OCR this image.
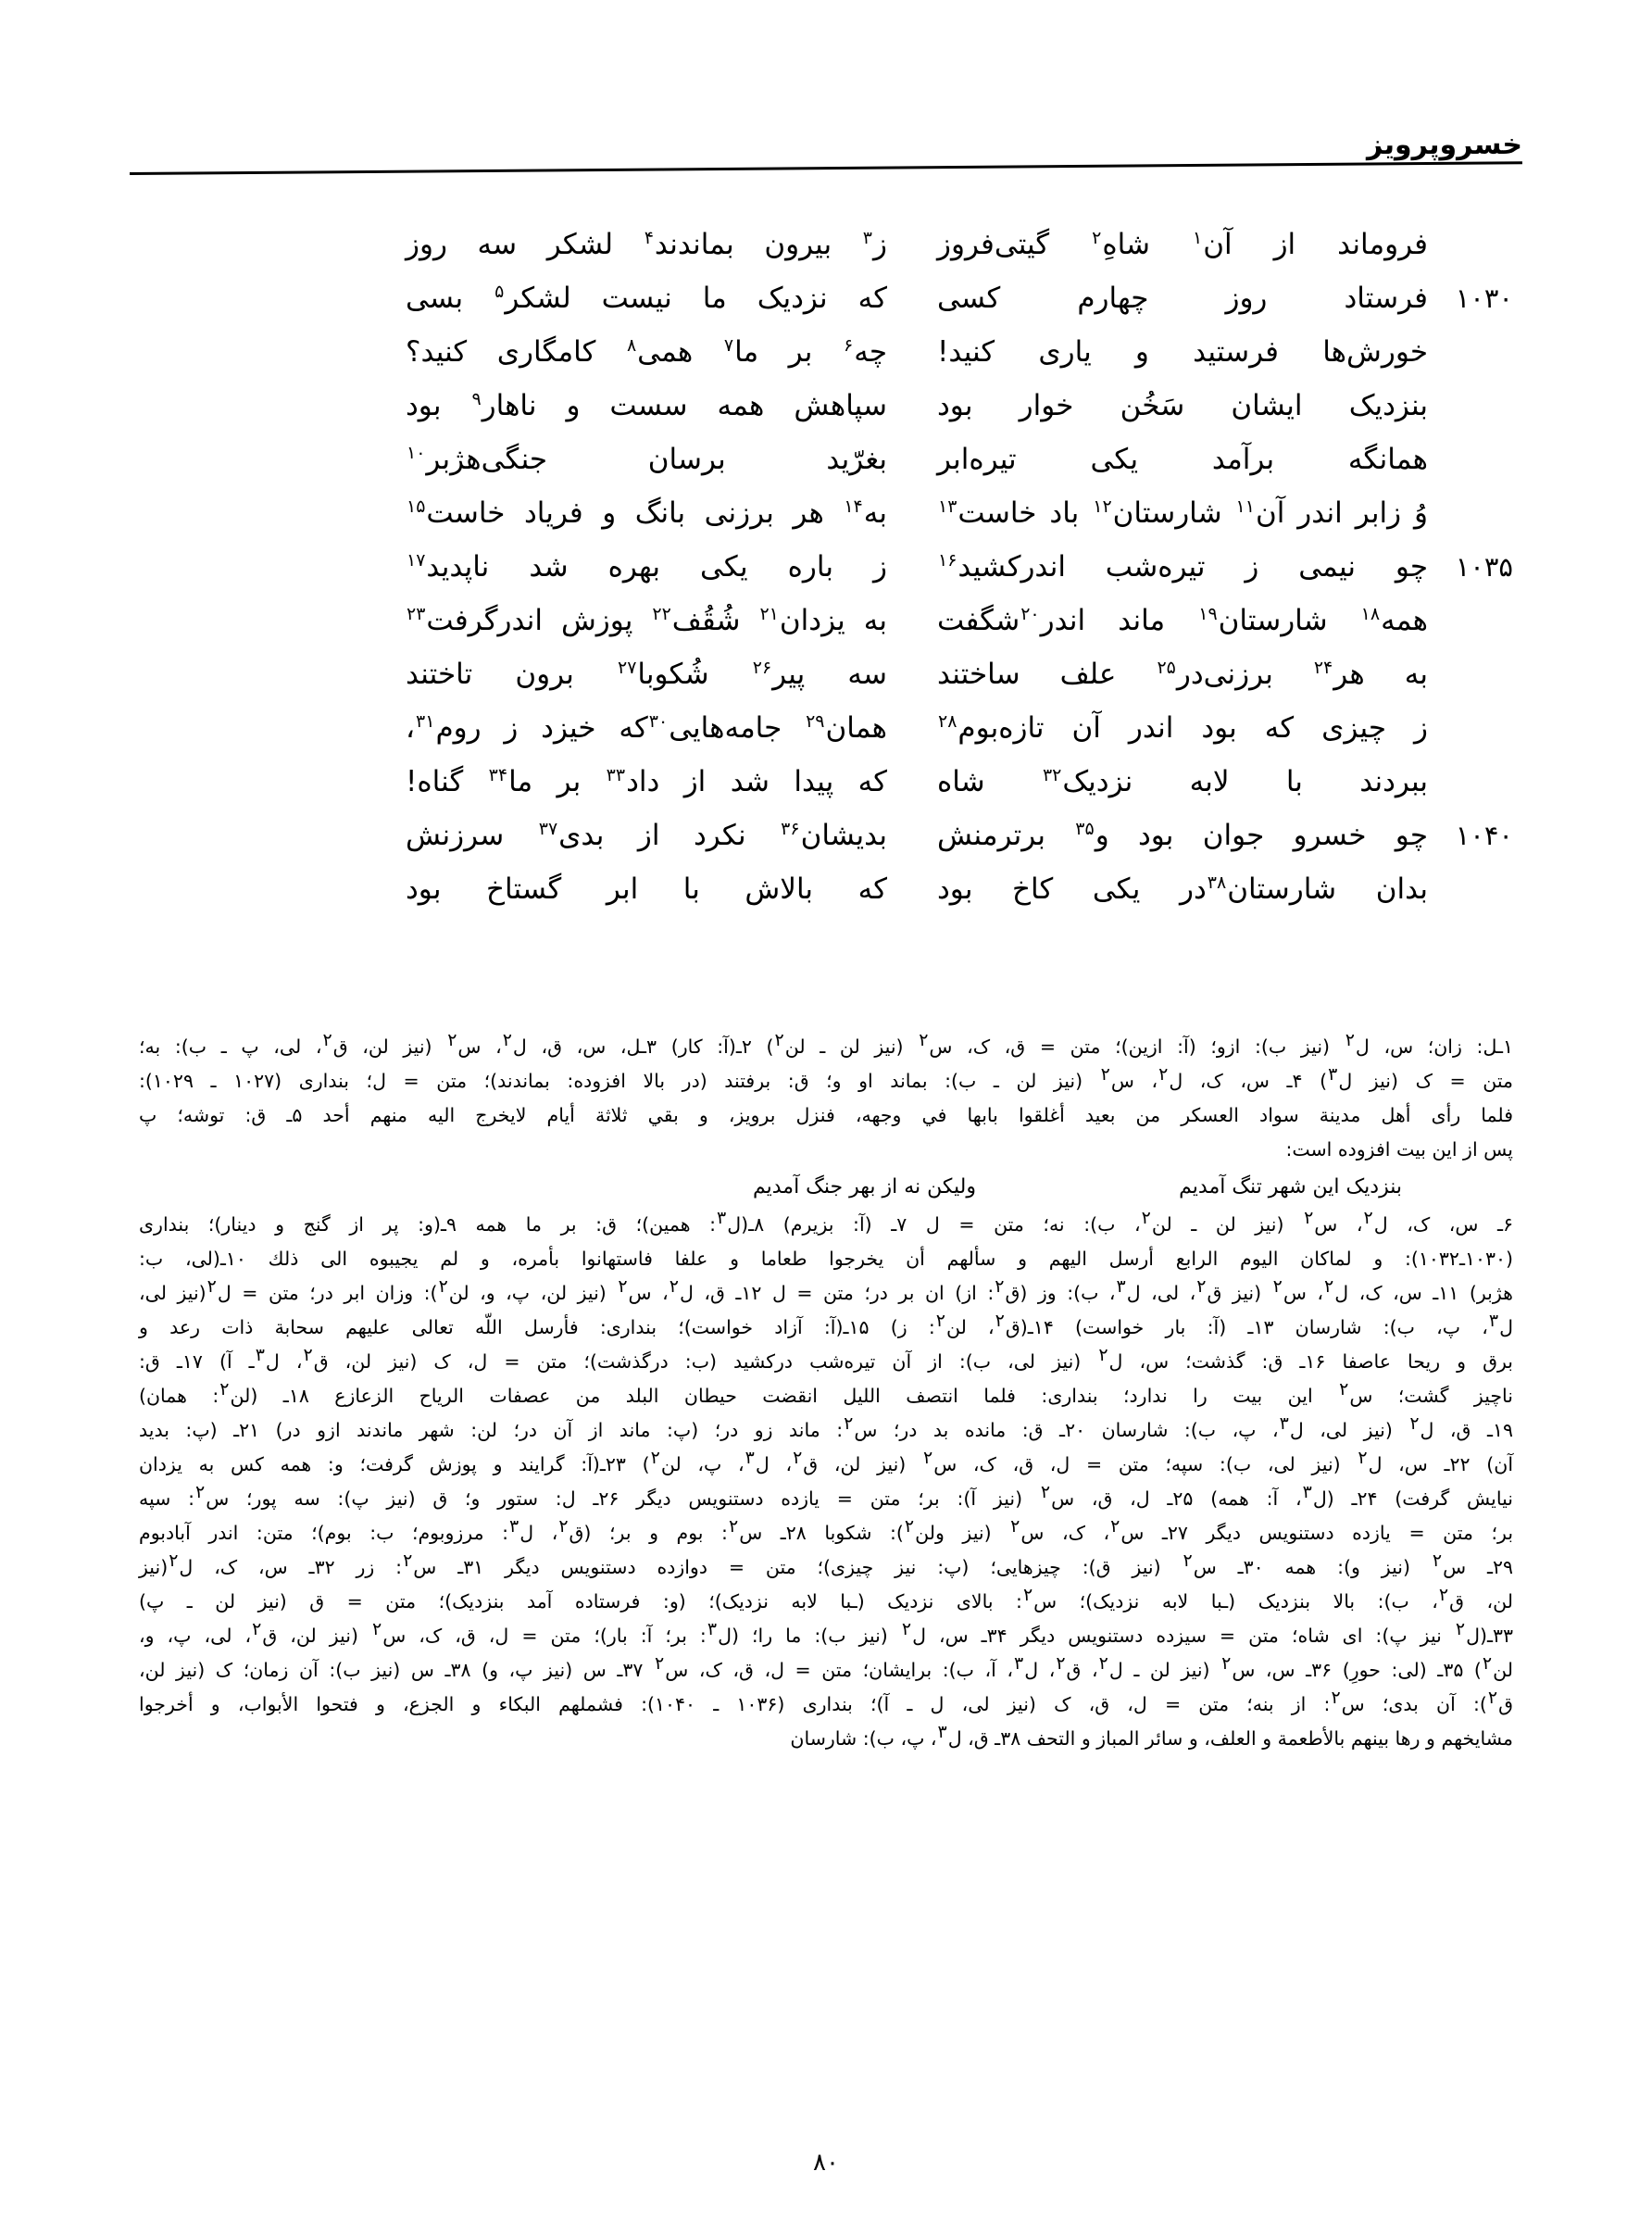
خسروپرویز
فروماند از آن$^۱$ شاهِ$^۲$ گیتی‌فروز
ز$^۳$ بیرون بماندند$^۴$ لشکر سه روز
۱۰۳۰
فرستاد روز چهارم کسی
که نزدیک ما نیست لشکر$^۵$ بسی
خورش‌ها فرستید و یاری کنید!
چه$^۶$ بر ما$^۷$ همی$^۸$ کامگاری کنید؟
بنزدیک ایشان سَخُن خوار بود
سپاهش همه سست و ناهار$^۹$ بود
همانگه برآمد یکی تیره‌ابر
بغرّید برسان جنگی‌هژبر$^{۱۰}$
وُ زابر اندر آن$^{۱۱}$ شارستان$^{۱۲}$ باد خاست$^{۱۳}$
به$^{۱۴}$ هر برزنی بانگ و فریاد خاست$^{۱۵}$
۱۰۳۵
چو نیمی ز تیره‌شب اندرکشید$^{۱۶}$
ز باره یکی بهره شد ناپدید$^{۱۷}$
همه$^{۱۸}$ شارستان$^{۱۹}$ ماند اندر$^{۲۰}$شگفت
به یزدان$^{۲۱}$ شُقُف$^{۲۲}$ پوزش اندرگرفت$^{۲۳}$
به هر$^{۲۴}$ برزنی‌در$^{۲۵}$ علف ساختند
سه پیر$^{۲۶}$ شُکوبا$^{۲۷}$ برون تاختند
ز چیزی که بود اندر آن تازه‌بوم$^{۲۸}$
همان$^{۲۹}$ جامه‌هایی$^{۳۰}$که خیزد ز روم$^{۳۱}$،
ببردند با لابه نزدیک$^{۳۲}$ شاه
که پیدا شد از داد$^{۳۳}$ بر ما$^{۳۴}$ گناه!
۱۰۴۰
چو خسرو جوان بود و$^{۳۵}$ برترمنش
بدیشان$^{۳۶}$ نکرد از بدی$^{۳۷}$ سرزنش
بدان شارستان$^{۳۸}$در یکی کاخ بود
که بالاش با ابر گستاخ بود
۱ـل: زان؛ س، ل$^۲$ (نیز ب): ازو؛ (آ: ازین)؛ متن = ق، ک، س$^۲$ (نیز لن ـ لن$^۲$) ۲ـ(آ: کار) ۳ـل، س، ق، ل$^۲$، س$^۲$ (نیز لن، ق$^۲$، لی، پ ـ ب): به؛
متن = ک (نیز ل$^۳$) ۴ـ س، ک، ل$^۲$، س$^۲$ (نیز لن ـ ب): بماند او و؛ ق: برفتند (در بالا افزوده: بماندند)؛ متن = ل؛ بنداری (۱۰۲۷ ـ ۱۰۲۹):
فلما رأى أهل مدينة سواد العسكر من بعيد أغلقوا بابها في وجهه، فنزل برويز، و بقي ثلاثة أيام لايخرج اليه منهم أحد ۵ـ ق: توشه؛ پ
پس از این بیت افزوده است:
بنزدیک این شهر تنگ آمدیم
ولیکن نه از بهر جنگ آمدیم
۶ـ س، ک، ل$^۲$، س$^۲$ (نیز لن ـ لن$^۲$، ب): نه؛ متن = ل ۷ـ (آ: بزیرم) ۸ـ(ل$^۳$: همین)؛ ق: بر ما همه ۹ـ(و: پر از گنج و دینار)؛ بنداری
(۱۰۳۰ـ۱۰۳۲): و لماكان اليوم الرابع أرسل اليهم و سألهم أن يخرجوا طعاما و علفا فاستهانوا بأمره، و لم يجيبوه الى ذلك ۱۰ـ(لی، ب:
هژبر) ۱۱ـ س، ک، ل$^۲$، س$^۲$ (نیز ق$^۲$، لی، ل$^۳$، ب): وز (ق$^۲$: از) ان بر در؛ متن = ل ۱۲ـ ق، ل$^۲$، س$^۲$ (نیز لن، پ، و، لن$^۲$): وزان ابر در؛ متن = ل$^۲$(نیز لی،
ل$^۳$، پ، ب): شارسان ۱۳ـ (آ: بار خواست) ۱۴ـ(ق$^۲$، لن$^۲$: ز) ۱۵ـ(آ: آزاد خواست)؛ بنداری: فأرسل اللّه تعالى عليهم سحابة ذات رعد و
برق و ريحا عاصفا ۱۶ـ ق: گذشت؛ س، ل$^۲$ (نیز لی، ب): از آن تیره‌شب درکشید (ب: درگذشت)؛ متن = ل، ک (نیز لن، ق$^۲$، ل$^۳$ـ آ) ۱۷ـ ق:
ناچیز گشت؛ س$^۲$ این بیت را ندارد؛ بنداری: فلما انتصف الليل انقضت حيطان البلد من عصفات الرياح الزعازع ۱۸ـ (لن$^۲$: همان)
۱۹ـ ق، ل$^۲$ (نیز لی، ل$^۳$، پ، ب): شارسان ۲۰ـ ق: مانده بد در؛ س$^۲$: ماند زو در؛ (پ: ماند از آن در؛ لن: شهر ماندند ازو در) ۲۱ـ (پ: بدید
آن) ۲۲ـ س، ل$^۲$ (نیز لی، ب): سپه؛ متن = ل، ق، ک، س$^۲$ (نیز لن، ق$^۲$، ل$^۳$، پ، لن$^۲$) ۲۳ـ(آ: گرایند و پوزش گرفت؛ و: همه کس به یزدان
نیایش گرفت) ۲۴ـ (ل$^۳$، آ: همه) ۲۵ـ ل، ق، س$^۲$ (نیز آ): بر؛ متن = یازده دستنویس دیگر ۲۶ـ ل: ستور و؛ ق (نیز پ): سه پور؛ س$^۲$: سپه
بر؛ متن = یازده دستنویس دیگر ۲۷ـ س$^۲$، ک، س$^۲$ (نیز ولن$^۲$): شکوبا ۲۸ـ س$^۲$: بوم و بر؛ (ق$^۲$، ل$^۳$: مرزوبوم؛ ب: بوم)؛ متن: اندر آبادبوم
۲۹ـ س$^۲$ (نیز و): همه ۳۰ـ س$^۲$ (نیز ق): چیزهایی؛ (پ: نیز چیزی)؛ متن = دوازده دستنویس دیگر ۳۱ـ س$^۲$: زر ۳۲ـ س، ک، ل$^۲$(نیز
لن، ق$^۲$، ب): بالا بنزدیک (ـبا لابه نزدیک)؛ س$^۲$: بالای نزدیک (ـبا لابه نزدیک)؛ (و: فرستاده آمد بنزدیک)؛ متن = ق (نیز لن ـ پ)
۳۳ـ(ل$^۲$ نیز پ): ای شاه؛ متن = سیزده دستنویس دیگر ۳۴ـ س، ل$^۲$ (نیز ب): ما را؛ (ل$^۳$: بر؛ آ: بار)؛ متن = ل، ق، ک، س$^۲$ (نیز لن، ق$^۲$، لی، پ، و،
لن$^۲$) ۳۵ـ (لی: حورِ) ۳۶ـ س، س$^۲$ (نیز لن ـ ل$^۲$، ق$^۲$، ل$^۳$، آ، ب): برایشان؛ متن = ل، ق، ک، س$^۲$ ۳۷ـ س (نیز پ، و) ۳۸ـ س (نیز ب): آن زمان؛ ک (نیز لن،
ق$^۲$): آن بدی؛ س$^۲$: از بنه؛ متن = ل، ق، ک (نیز لی، ل ـ آ)؛ بنداری (۱۰۳۶ ـ ۱۰۴۰): فشملهم البكاء و الجزع، و فتحوا الأبواب، و أخرجوا
مشايخهم و رها بينهم بالأطعمة و العلف، و سائر المباز و التحف ۳۸ـ ق، ل$^۳$، پ، ب): شارسان
۸۰
